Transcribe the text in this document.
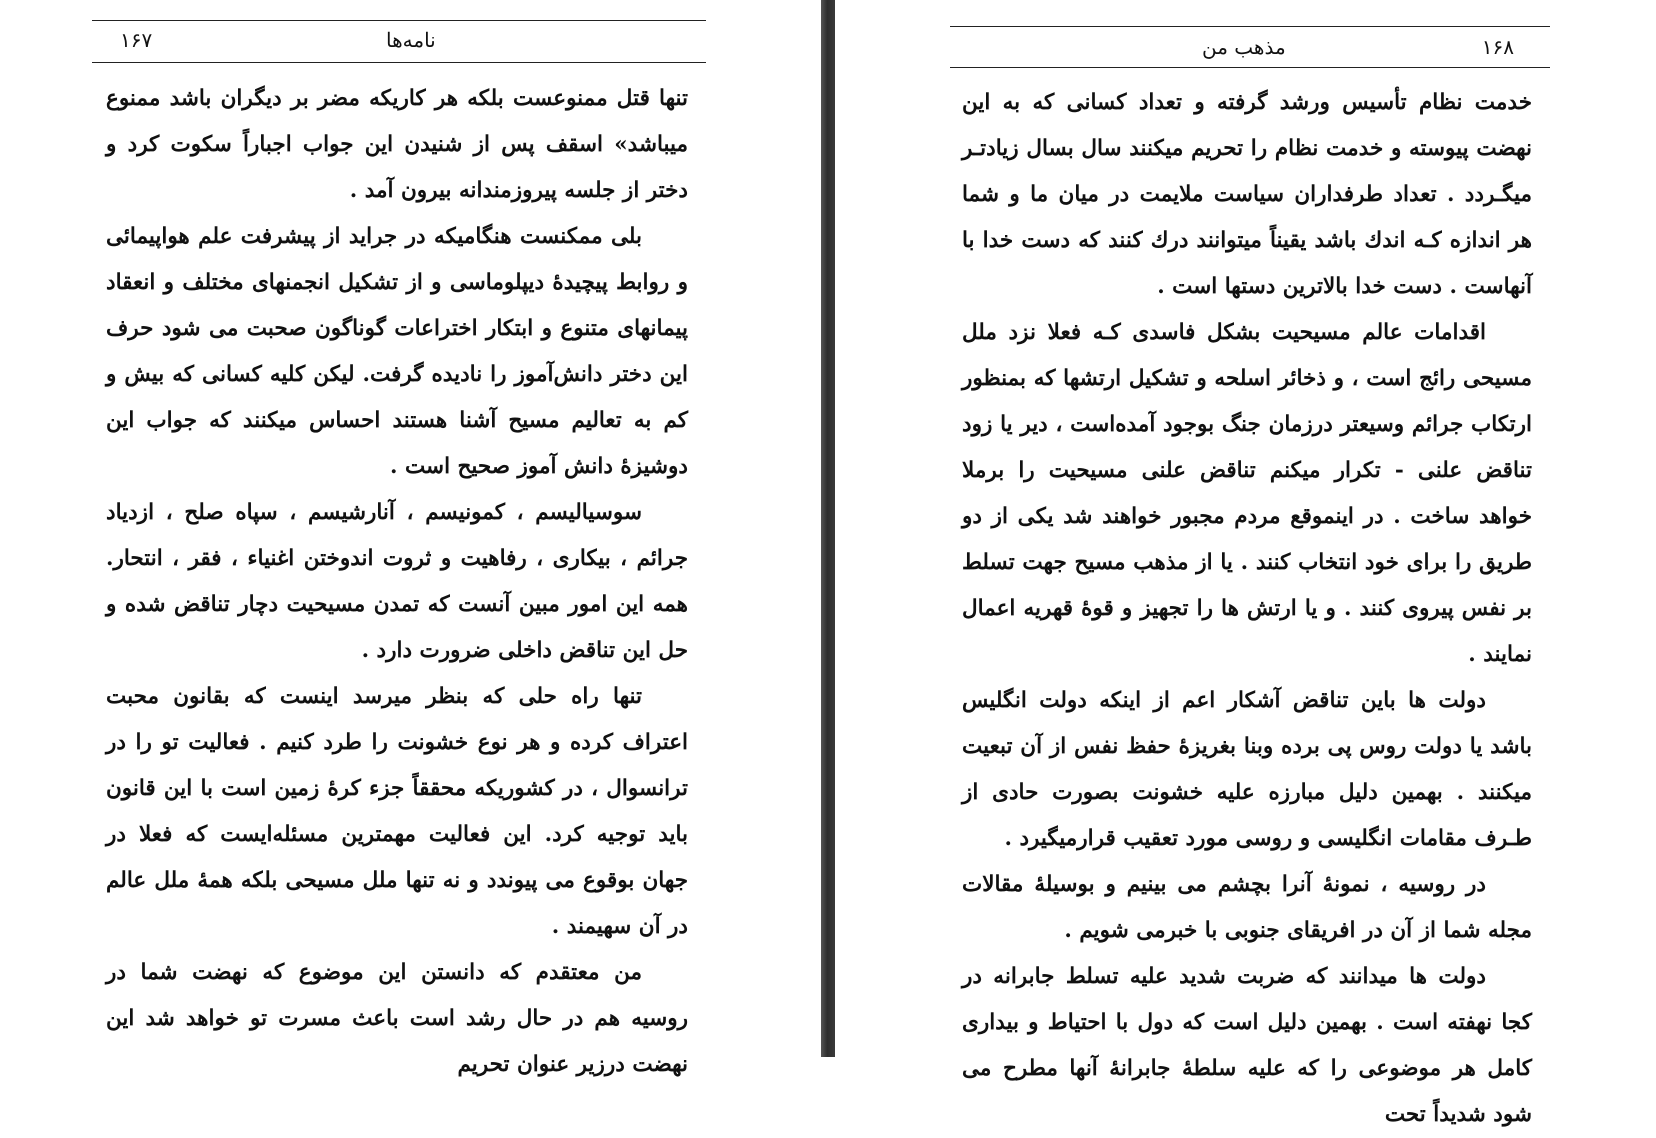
۱۶۷	نامه‌ها

تنها قتل ممنوعست بلکه هر کاریکه مضر بر دیگران باشد ممنوع میباشد» اسقف پس از شنیدن این جواب اجباراً سکوت کرد و دختر از جلسه پیروزمندانه بیرون آمد .

بلی ممکنست هنگامیکه در جراید از پیشرفت علم هواپیمائی و روابط پیچیدهٔ دیپلوماسی و از تشکیل انجمنهای مختلف و انعقاد پیمانهای متنوع و ابتکار اختراعات گوناگون صحبت می شود حرف این دختر دانش‌آموز را نادیده گرفت. لیکن کلیه کسانی که بیش و کم به تعالیم مسیح آشنا هستند احساس میکنند که جواب این دوشیزهٔ دانش آموز صحیح است .

سوسیالیسم ، کمونیسم ، آنارشیسم ، سپاه صلح ، ازدیاد جرائم ، بیکاری ، رفاهیت و ثروت اندوختن اغنیاء ، فقر ، انتحار. همه این امور مبین آنست که تمدن مسیحیت دچار تناقض شده و حل این تناقض داخلی ضرورت دارد .

تنها راه حلی که بنظر میرسد اینست که بقانون محبت اعتراف کرده و هر نوع خشونت را طرد کنیم . فعالیت تو را در ترانسوال ، در کشوریکه محققاً جزء کرهٔ زمین است با این قانون باید توجیه کرد. این فعالیت مهمترین مسئله‌ایست که فعلا در جهان بوقوع می پیوندد و نه تنها ملل مسیحی بلکه همهٔ ملل عالم در آن سهیمند .

من معتقدم که دانستن این موضوع که نهضت شما در روسیه هم در حال رشد است باعث مسرت تو خواهد شد این نهضت درزیر عنوان تحریم

مذهب من	۱۶۸

خدمت نظام تأسیس ورشد گرفته و تعداد کسانی که به این نهضت پیوسته و خدمت نظام را تحریم میکنند سال بسال زیادتـر میگـردد . تعداد طرفداران سیاست ملایمت در میان ما و شما هر اندازه کـه اندك باشد یقیناً میتوانند درك کنند که دست خدا با آنهاست . دست خدا بالاترین دستها است .

اقدامات عالم مسیحیت بشکل فاسدی کـه فعلا نزد ملل مسیحی رائج است ، و ذخائر اسلحه و تشکیل ارتشها که بمنظور ارتکاب جرائم وسیعتر درزمان جنگ بوجود آمده‌است ، دیر یا زود تناقض علنی - تکرار میکنم تناقض علنی مسیحیت را برملا خواهد ساخت . در اینموقع مردم مجبور خواهند شد یکی از دو طریق را برای خود انتخاب کنند . یا از مذهب مسیح جهت تسلط بر نفس پیروی کنند . و یا ارتش ها را تجهیز و قوهٔ قهریه اعمال نمایند .

دولت ها باین تناقض آشکار اعم از اینکه دولت انگلیس باشد یا دولت روس پی برده وبنا بغریزهٔ حفظ نفس از آن تبعیت میکنند . بهمین دلیل مبارزه علیه خشونت بصورت حادی از طـرف مقامات انگلیسی و روسی مورد تعقیب قرارمیگیرد .

در روسیه ، نمونهٔ آنرا بچشم می بینیم و بوسیلهٔ مقالات مجله شما از آن در افریقای جنوبی با خبرمی شویم .

دولت ها میدانند که ضربت شدید علیه تسلط جابرانه در کجا نهفته است . بهمین دلیل است که دول با احتیاط و بیداری کامل هر موضوعی را که علیه سلطهٔ جابرانهٔ آنها مطرح می شود شدیداً تحت
